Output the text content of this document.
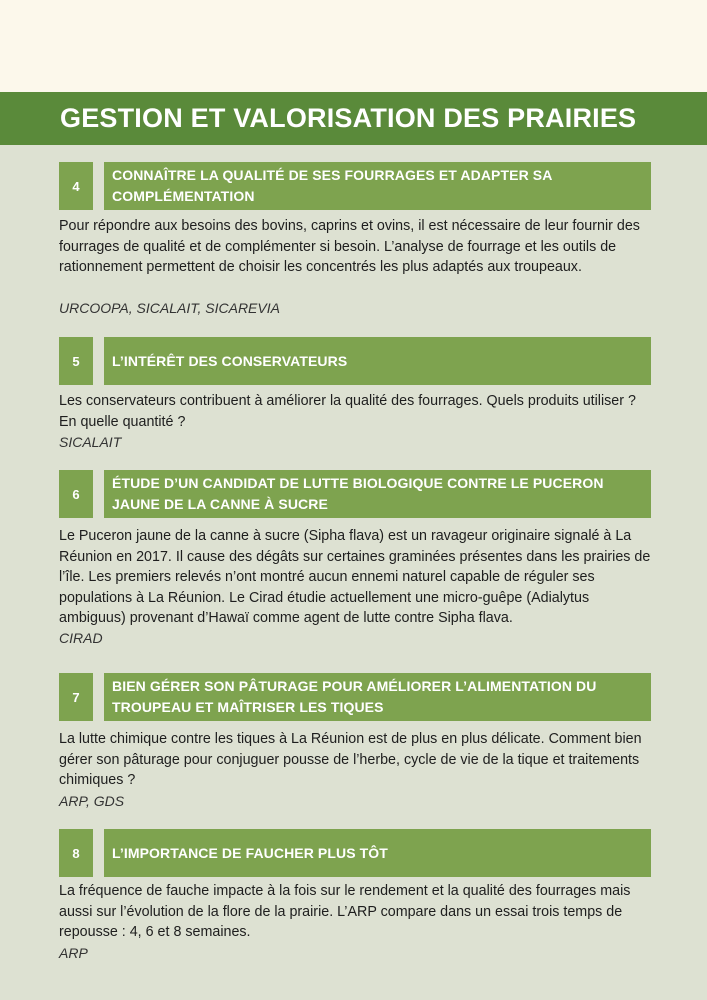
GESTION ET VALORISATION DES PRAIRIES
4
CONNAÎTRE LA QUALITÉ DE SES FOURRAGES ET ADAPTER SA COMPLÉMENTATION

Pour répondre aux besoins des bovins, caprins et ovins, il est nécessaire de leur fournir des fourrages de qualité et de complémenter si besoin. L’analyse de fourrage et les outils de rationnement permettent de choisir les concentrés les plus adaptés aux troupeaux.

URCOOPA, SICALAIT, SICAREVIA

5	L’INTÉRÊT DES CONSERVATEURS

Les conservateurs contribuent à améliorer la qualité des fourrages. Quels produits utiliser ? En quelle quantité ?

SICALAIT

6
ÉTUDE D’UN CANDIDAT DE LUTTE BIOLOGIQUE CONTRE LE PUCERON JAUNE DE LA CANNE À SUCRE

Le Puceron jaune de la canne à sucre (Sipha flava) est un ravageur originaire signalé à La Réunion en 2017. Il cause des dégâts sur certaines graminées présentes dans les prairies de l’île. Les premiers relevés n’ont montré aucun ennemi naturel capable de réguler ses populations à La Réunion. Le Cirad étudie actuellement une micro-guêpe (Adialytus ambiguus) provenant d’Hawaï comme agent de lutte contre Sipha flava.

CIRAD

7
BIEN GÉRER SON PÂTURAGE POUR AMÉLIORER L’ALIMENTATION DU TROUPEAU ET MAÎTRISER LES TIQUES

La lutte chimique contre les tiques à La Réunion est de plus en plus délicate. Comment bien gérer son pâturage pour conjuguer pousse de l’herbe, cycle de vie de la tique et traitements chimiques ?

ARP, GDS

8	L’IMPORTANCE DE FAUCHER PLUS TÔT

La fréquence de fauche impacte à la fois sur le rendement et la qualité des fourrages mais aussi sur l’évolution de la flore de la prairie. L’ARP compare dans un essai trois temps de repousse : 4, 6 et 8 semaines.

ARP
